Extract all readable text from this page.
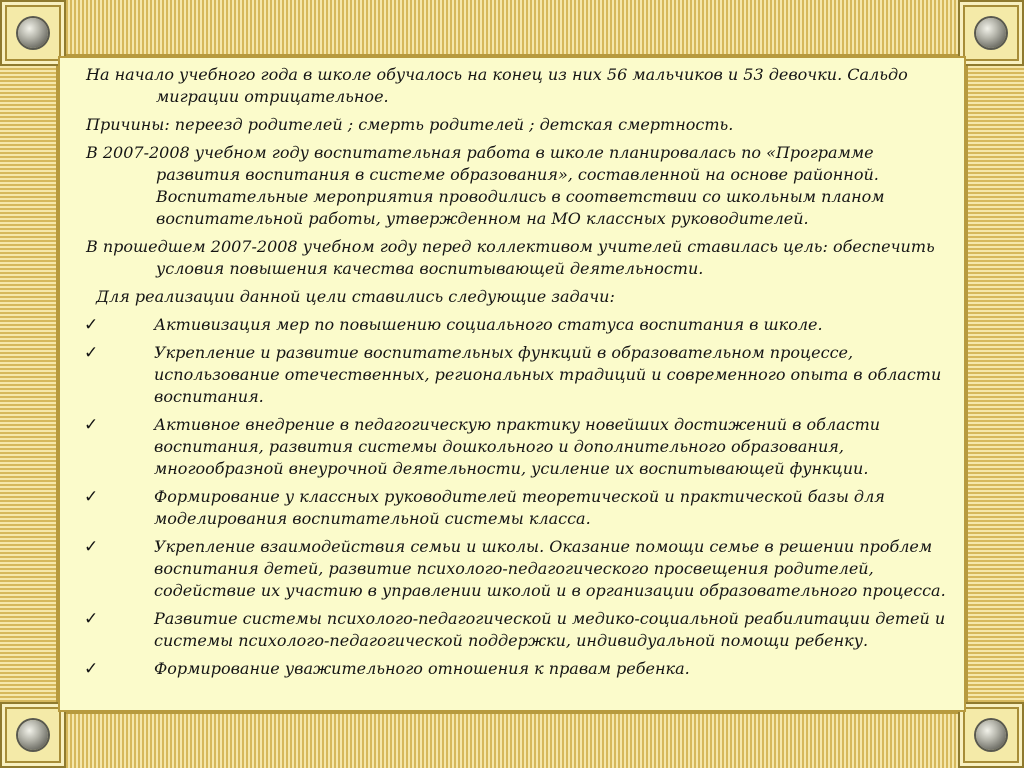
На начало учебного года в школе обучалось на конец из них 56 мальчиков и 53 девочки. Сальдо миграции отрицательное.

Причины: переезд родителей ; смерть родителей ; детская смертность.

В 2007-2008 учебном году воспитательная работа в школе планировалась по «Программе развития воспитания в системе образования», составленной на основе районной. Воспитательные мероприятия проводились в соответствии со школьным планом воспитательной работы, утвержденном на МО классных руководителей.

В прошедшем 2007-2008 учебном году перед коллективом учителей ставилась цель: обеспечить условия повышения качества воспитывающей деятельности.

Для реализации данной цели ставились следующие задачи:

✓	Активизация мер по повышению социального статуса воспитания в школе.
✓	Укрепление и развитие воспитательных функций в образовательном процессе, использование отечественных, региональных традиций и современного опыта в области воспитания.
✓	Активное внедрение в педагогическую практику новейших достижений в области воспитания, развития системы дошкольного и дополнительного образования, многообразной внеурочной деятельности, усиление их воспитывающей функции.
✓	Формирование у классных руководителей теоретической и практической базы для моделирования воспитательной системы класса.
✓	Укрепление взаимодействия семьи и школы. Оказание помощи семье в решении проблем воспитания детей, развитие психолого-педагогического просвещения родителей, содействие их участию в управлении школой и в организации образовательного процесса.
✓	Развитие системы психолого-педагогической и медико-социальной реабилитации детей и системы психолого-педагогической поддержки, индивидуальной помощи ребенку.
✓	Формирование уважительного отношения к правам ребенка.
